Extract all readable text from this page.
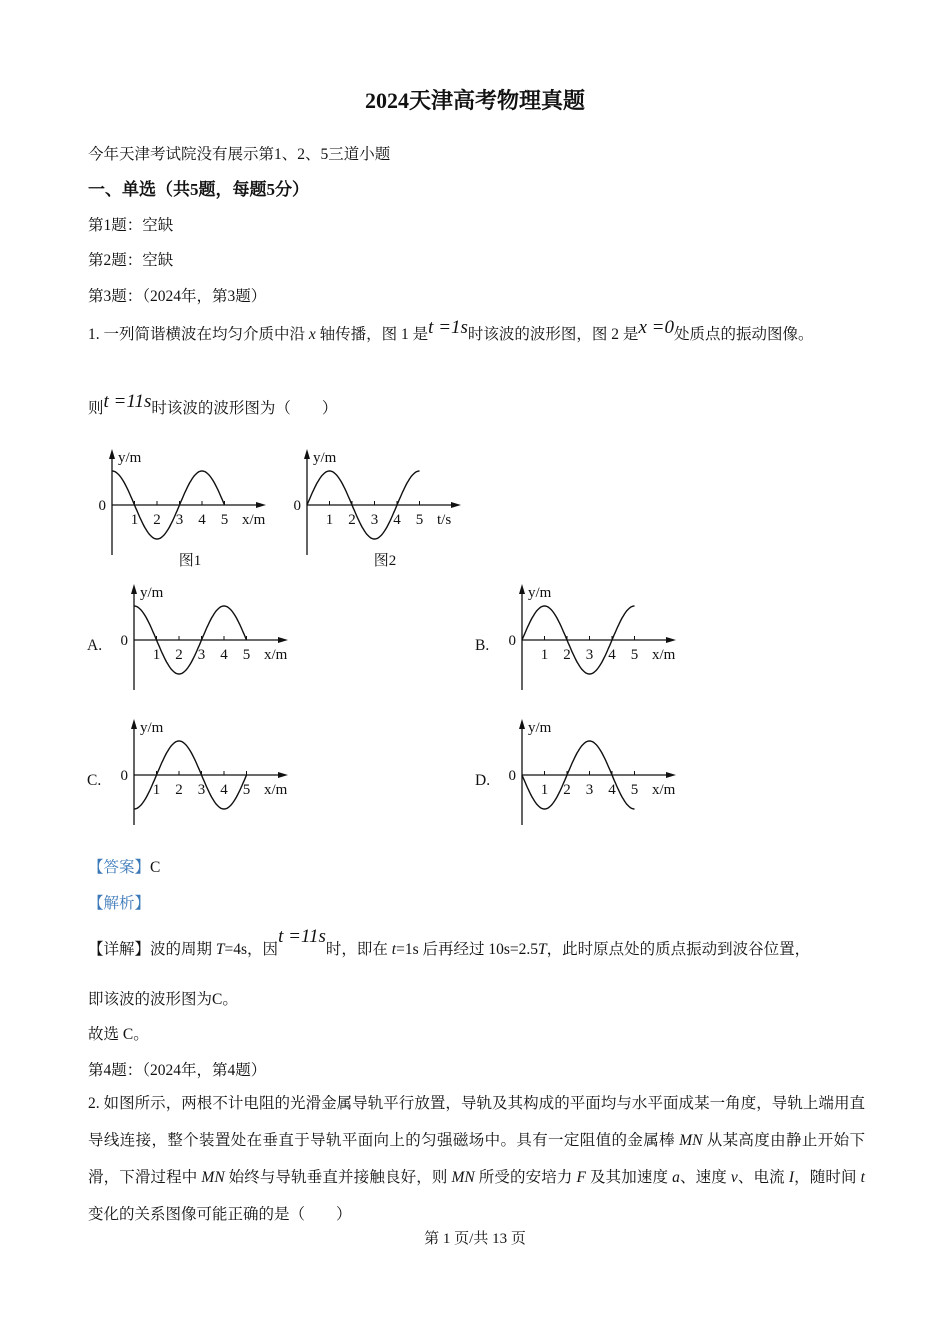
2024天津高考物理真题
今年天津考试院没有展示第1、2、5三道小题
一、单选（共5题，每题5分）
第1题：空缺
第2题：空缺
第3题：（2024年，第3题）
1. 一列简谐横波在均匀介质中沿 x 轴传播，图 1 是t =1s时该波的波形图，图 2 是x =0处质点的振动图像。
则t =11s时该波的波形图为（　　）
y/m
x/m
0
1 2 3 4 5
图1
y/m
t/s
0
1 2 3 4 5
图2
y/m
x/m
0
1 2 3 4 5
A.
y/m
x/m
0
1 2 3 4 5
B.
y/m
x/m
0
1 2 3 4 5
C.
y/m
x/m
0
1 2 3 4 5
D.
【答案】C
【解析】
【详解】波的周期 T=4s，因t =11s时，即在 t=1s 后再经过 10s=2.5T，此时原点处的质点振动到波谷位置，
即该波的波形图为C。
故选 C。
第4题：（2024年，第4题）
2. 如图所示，两根不计电阻的光滑金属导轨平行放置，导轨及其构成的平面均与水平面成某一角度，导轨上端用直导线连接，整个装置处在垂直于导轨平面向上的匀强磁场中。具有一定阻值的金属棒 MN 从某高度由静止开始下滑，下滑过程中 MN 始终与导轨垂直并接触良好，则 MN 所受的安培力 F 及其加速度 a、速度 v、电流 I，随时间 t 变化的关系图像可能正确的是（　　）
第 1 页/共 13 页
